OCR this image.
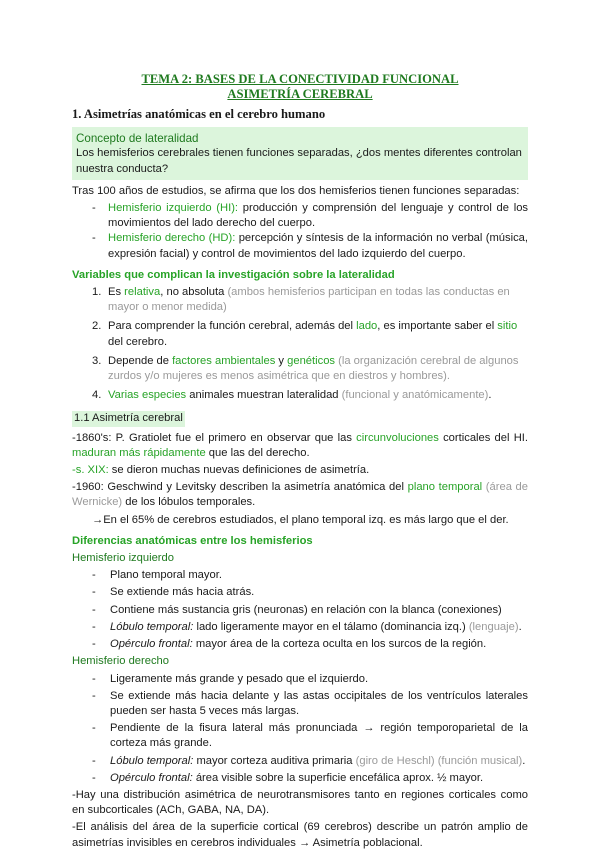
TEMA 2: BASES DE LA CONECTIVIDAD FUNCIONAL
ASIMETRÍA CEREBRAL
1. Asimetrías anatómicas en el cerebro humano
Concepto de lateralidad
Los hemisferios cerebrales tienen funciones separadas, ¿dos mentes diferentes controlan nuestra conducta?
Tras 100 años de estudios, se afirma que los dos hemisferios tienen funciones separadas:
- Hemisferio izquierdo (HI): producción y comprensión del lenguaje y control de los movimientos del lado derecho del cuerpo.
- Hemisferio derecho (HD): percepción y síntesis de la información no verbal (música, expresión facial) y control de movimientos del lado izquierdo del cuerpo.
Variables que complican la investigación sobre la lateralidad
1. Es relativa, no absoluta (ambos hemisferios participan en todas las conductas en mayor o menor medida)
2. Para comprender la función cerebral, además del lado, es importante saber el sitio del cerebro.
3. Depende de factores ambientales y genéticos (la organización cerebral de algunos zurdos y/o mujeres es menos asimétrica que en diestros y hombres).
4. Varias especies animales muestran lateralidad (funcional y anatómicamente).
1.1 Asimetría cerebral
-1860's: P. Gratiolet fue el primero en observar que las circunvoluciones corticales del HI. maduran más rápidamente que las del derecho.
-s. XIX: se dieron muchas nuevas definiciones de asimetría.
-1960: Geschwind y Levitsky describen la asimetría anatómica del plano temporal (área de Wernicke) de los lóbulos temporales.
→En el 65% de cerebros estudiados, el plano temporal izq. es más largo que el der.
Diferencias anatómicas entre los hemisferios
Hemisferio izquierdo
- Plano temporal mayor.
- Se extiende más hacia atrás.
- Contiene más sustancia gris (neuronas) en relación con la blanca (conexiones)
- Lóbulo temporal: lado ligeramente mayor en el tálamo (dominancia izq.) (lenguaje).
- Opérculo frontal: mayor área de la corteza oculta en los surcos de la región.
Hemisferio derecho
- Ligeramente más grande y pesado que el izquierdo.
- Se extiende más hacia delante y las astas occipitales de los ventrículos laterales pueden ser hasta 5 veces más largas.
- Pendiente de la fisura lateral más pronunciada → región temporoparietal de la corteza más grande.
- Lóbulo temporal: mayor corteza auditiva primaria (giro de Heschl) (función musical).
- Opérculo frontal: área visible sobre la superficie encefálica aprox. ½ mayor.
-Hay una distribución asimétrica de neurotransmisores tanto en regiones corticales como en subcorticales (ACh, GABA, NA, DA).
-El análisis del área de la superficie cortical (69 cerebros) describe un patrón amplio de asimetrías invisibles en cerebros individuales → Asimetría poblacional.
